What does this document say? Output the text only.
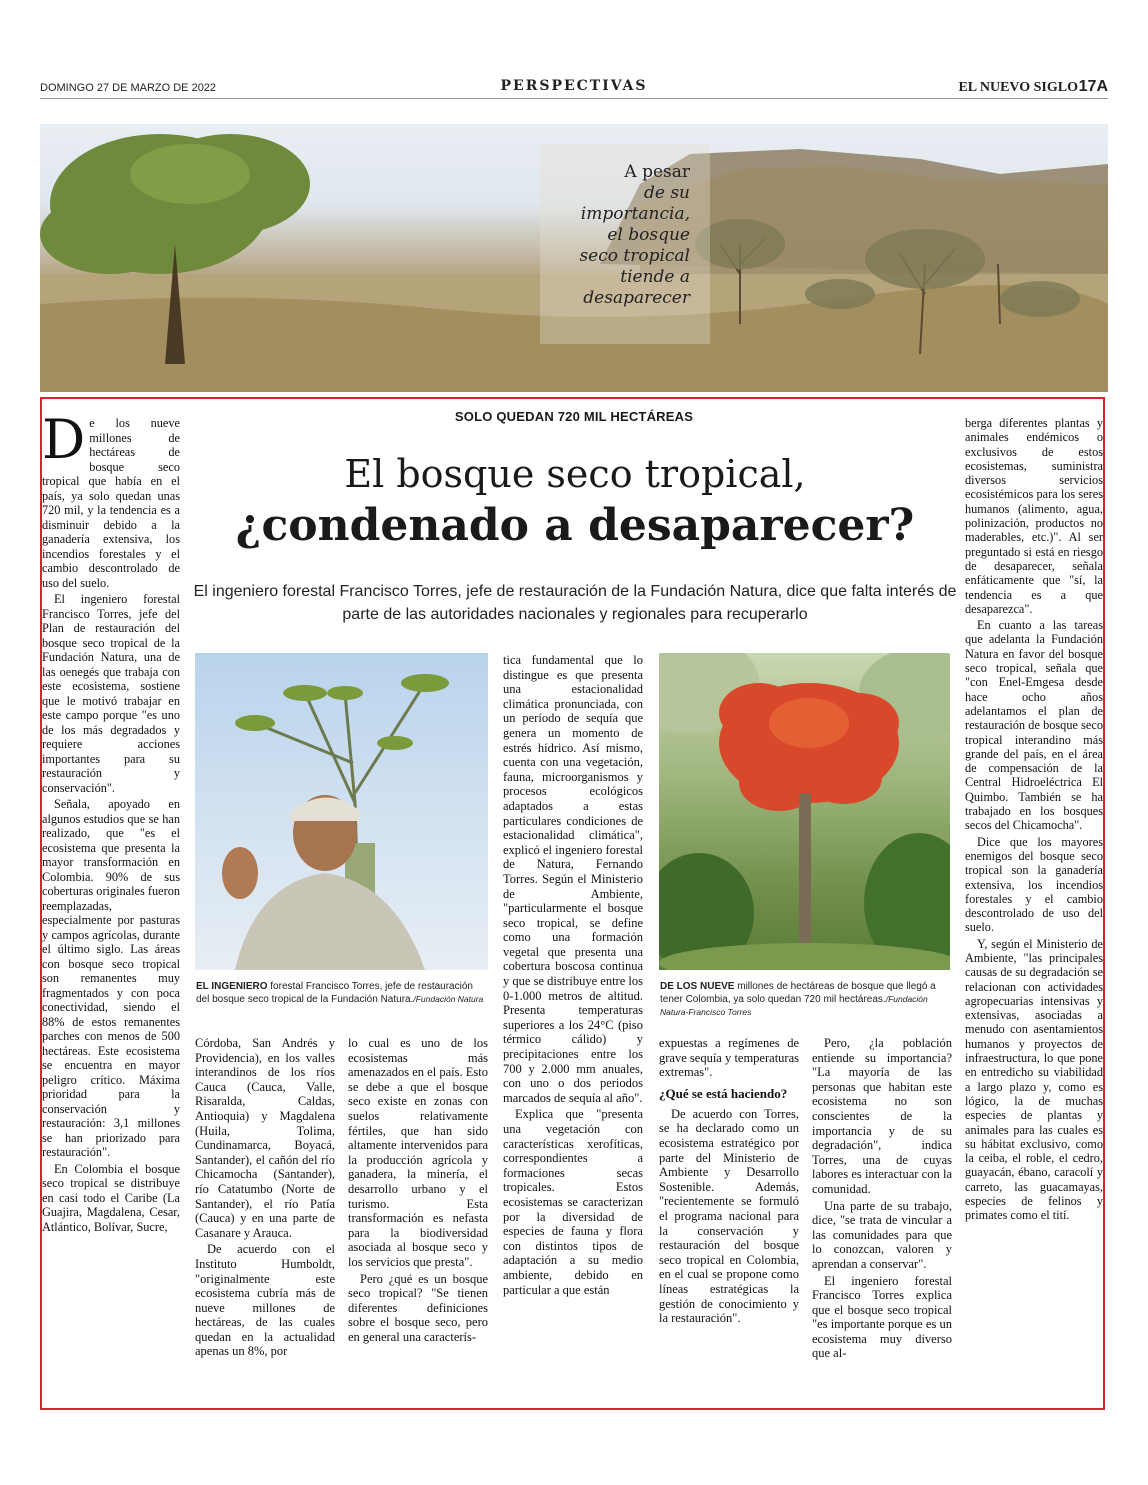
DOMINGO 27 DE MARZO DE 2022	PERSPECTIVAS	EL NUEVO SIGLO 17A
A pesar
de su
importancia,
el bosque
seco tropical
tiende a
desaparecer
SOLO QUEDAN 720 MIL HECTÁREAS
El bosque seco tropical,
¿condenado a desaparecer?
El ingeniero forestal Francisco Torres, jefe de restauración de la Fundación Natura, dice que falta interés de parte de las autoridades nacionales y regionales para recuperarlo
D e los nueve millones de hectáreas de bosque seco tropical que había en el país, ya solo quedan unas 720 mil, y la tendencia es a disminuir debido a la ganadería extensiva, los incendios forestales y el cambio descontrolado de uso del suelo.

El ingeniero forestal Francisco Torres, jefe del Plan de restauración del bosque seco tropical de la Fundación Natura, una de las oenegés que trabaja con este ecosistema, sostiene que le motivó trabajar en este campo porque "es uno de los más degradados y requiere acciones importantes para su restauración y conservación".

Señala, apoyado en algunos estudios que se han realizado, que "es el ecosistema que presenta la mayor transformación en Colombia. 90% de sus coberturas originales fueron reemplazadas, especialmente por pasturas y campos agrícolas, durante el último siglo. Las áreas con bosque seco tropical son remanentes muy fragmentados y con poca conectividad, siendo el 88% de estos remanentes parches con menos de 500 hectáreas. Este ecosistema se encuentra en mayor peligro crítico. Máxima prioridad para la conservación y restauración: 3,1 millones se han priorizado para restauración".

En Colombia el bosque seco tropical se distribuye en casi todo el Caribe (La Guajira, Magdalena, Cesar, Atlántico, Bolívar, Sucre,

EL INGENIERO forestal Francisco Torres, jefe de restauración del bosque seco tropical de la Fundación Natura./Fundación Natura

Córdoba, San Andrés y Providencia), en los valles interandinos de los ríos Cauca (Cauca, Valle, Risaralda, Caldas, Antioquia) y Magdalena (Huila, Tolima, Cundinamarca, Boyacá, Santander), el cañón del río Chicamocha (Santander), río Catatumbo (Norte de Santander), el río Patía (Cauca) y en una parte de Casanare y Arauca.

De acuerdo con el Instituto Humboldt, "originalmente este ecosistema cubría más de nueve millones de hectáreas, de las cuales quedan en la actualidad apenas un 8%, por

lo cual es uno de los ecosistemas más amenazados en el país. Esto se debe a que el bosque seco existe en zonas con suelos relativamente fértiles, que han sido altamente intervenidos para la producción agrícola y ganadera, la minería, el desarrollo urbano y el turismo. Esta transformación es nefasta para la biodiversidad asociada al bosque seco y los servicios que presta".

Pero ¿qué es un bosque seco tropical? "Se tienen diferentes definiciones sobre el bosque seco, pero en general una caracterís-

tica fundamental que lo distingue es que presenta una estacionalidad climática pronunciada, con un período de sequía que genera un momento de estrés hídrico. Así mismo, cuenta con una vegetación, fauna, microorganismos y procesos ecológicos adaptados a estas particulares condiciones de estacionalidad climática", explicó el ingeniero forestal de Natura, Fernando Torres. Según el Ministerio de Ambiente, "particularmente el bosque seco tropical, se define como una formación vegetal que presenta una cobertura boscosa continua y que se distribuye entre los 0-1.000 metros de altitud. Presenta temperaturas superiores a los 24°C (piso térmico cálido) y precipitaciones entre los 700 y 2.000 mm anuales, con uno o dos periodos marcados de sequía al año".

Explica que "presenta una vegetación con características xerofíticas, correspondientes a formaciones secas tropicales. Estos ecosistemas se caracterizan por la diversidad de especies de fauna y flora con distintos tipos de adaptación a su medio ambiente, debido en particular a que están

DE LOS NUEVE millones de hectáreas de bosque que llegó a tener Colombia, ya solo quedan 720 mil hectáreas./Fundación Natura-Francisco Torres

expuestas a regímenes de grave sequía y temperaturas extremas".

¿Qué se está haciendo?

De acuerdo con Torres, se ha declarado como un ecosistema estratégico por parte del Ministerio de Ambiente y Desarrollo Sostenible. Además, "recientemente se formuló el programa nacional para la conservación y restauración del bosque seco tropical en Colombia, en el cual se propone como líneas estratégicas la gestión de conocimiento y la restauración".

Pero, ¿la población entiende su importancia? "La mayoría de las personas que habitan este ecosistema no son conscientes de la importancia y de su degradación", indica Torres, una de cuyas labores es interactuar con la comunidad.

Una parte de su trabajo, dice, "se trata de vincular a las comunidades para que lo conozcan, valoren y aprendan a conservar".

El ingeniero forestal Francisco Torres explica que el bosque seco tropical "es importante porque es un ecosistema muy diverso que al-

berga diferentes plantas y animales endémicos o exclusivos de estos ecosistemas, suministra diversos servicios ecosistémicos para los seres humanos (alimento, agua, polinización, productos no maderables, etc.)". Al ser preguntado si está en riesgo de desaparecer, señala enfáticamente que "sí, la tendencia es a que desaparezca".

En cuanto a las tareas que adelanta la Fundación Natura en favor del bosque seco tropical, señala que "con Enel-Emgesa desde hace ocho años adelantamos el plan de restauración de bosque seco tropical interandino más grande del país, en el área de compensación de la Central Hidroeléctrica El Quimbo. También se ha trabajado en los bosques secos del Chicamocha".

Dice que los mayores enemigos del bosque seco tropical son la ganadería extensiva, los incendios forestales y el cambio descontrolado de uso del suelo.

Y, según el Ministerio de Ambiente, "las principales causas de su degradación se relacionan con actividades agropecuarias intensivas y extensivas, asociadas a menudo con asentamientos humanos y proyectos de infraestructura, lo que pone en entredicho su viabilidad a largo plazo y, como es lógico, la de muchas especies de plantas y animales para las cuales es su hábitat exclusivo, como la ceiba, el roble, el cedro, guayacán, ébano, caracolí y carreto, las guacamayas, especies de felinos y primates como el tití.
